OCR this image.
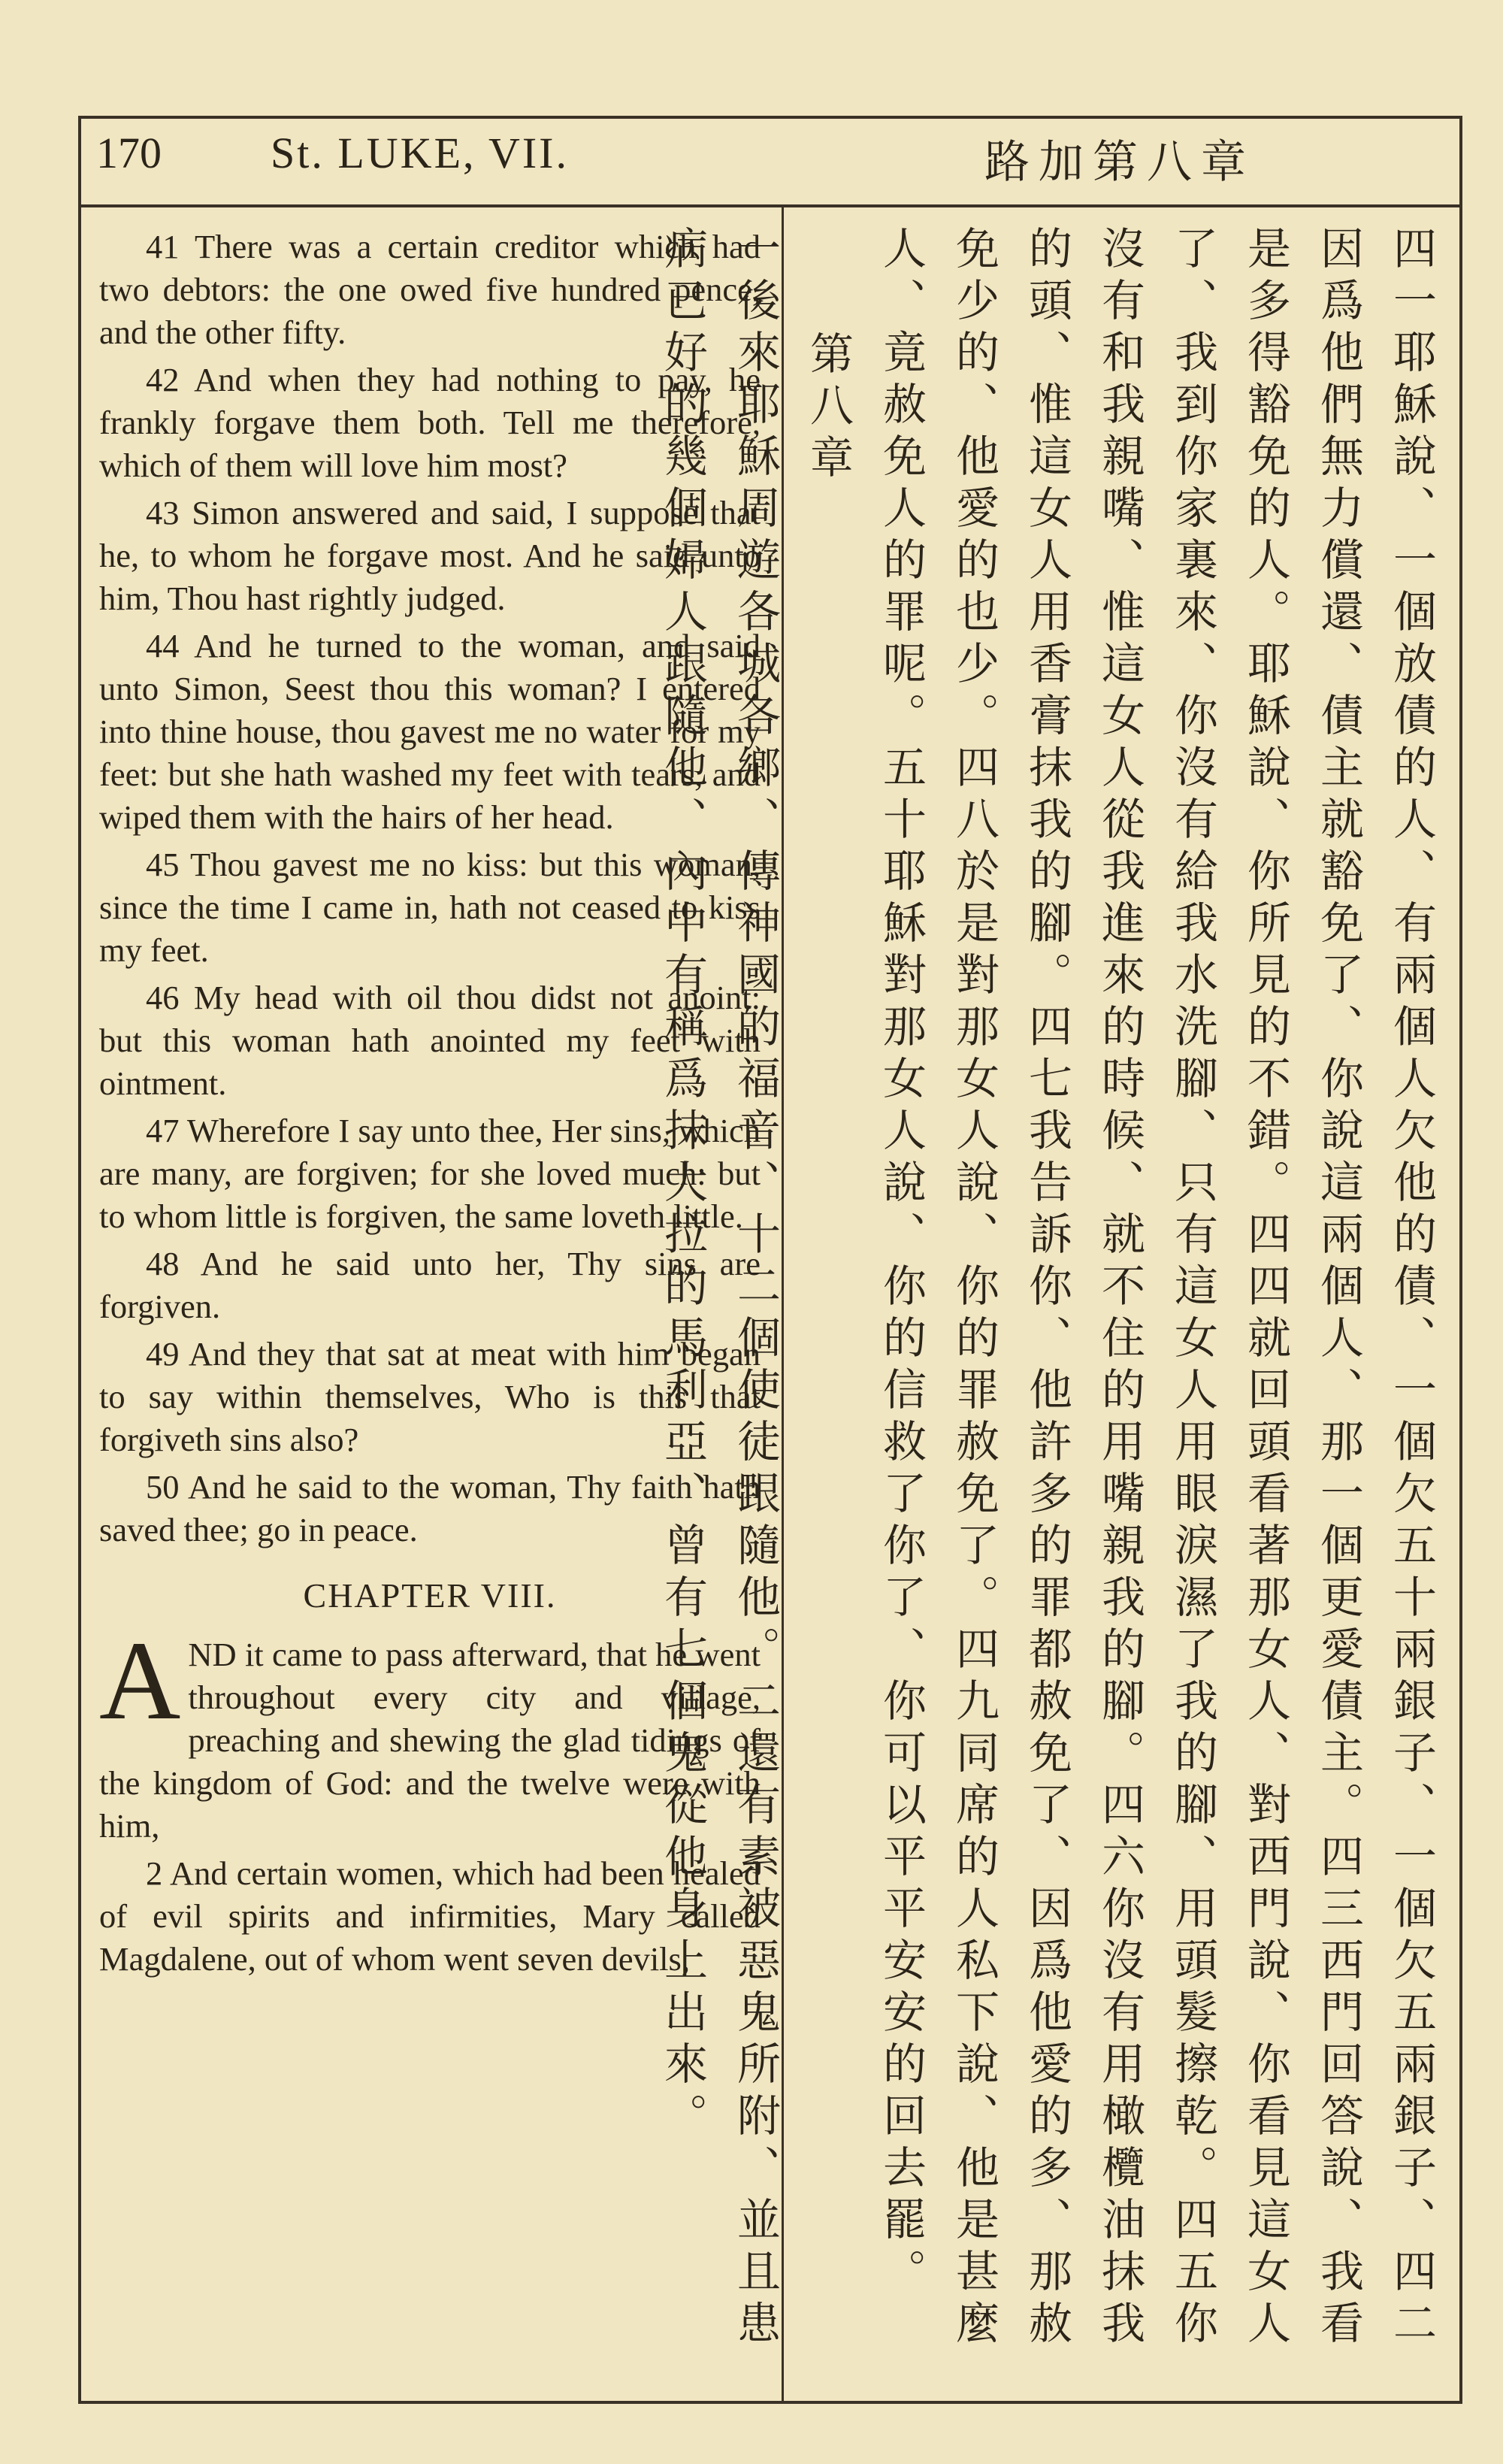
170	St. LUKE, VII.	路加第八章

41 There was a certain creditor which had two debtors: the one owed five hundred pence, and the other fifty.

42 And when they had nothing to pay, he frankly forgave them both. Tell me therefore, which of them will love him most?

43 Simon answered and said, I suppose that he, to whom he forgave most. And he said unto him, Thou hast rightly judged.

44 And he turned to the woman, and said unto Simon, Seest thou this woman? I entered into thine house, thou gavest me no water for my feet: but she hath washed my feet with tears, and wiped them with the hairs of her head.

45 Thou gavest me no kiss: but this woman, since the time I came in, hath not ceased to kiss my feet.

46 My head with oil thou didst not anoint: but this woman hath anointed my feet with ointment.

47 Wherefore I say unto thee, Her sins, which are many, are forgiven; for she loved much: but to whom little is forgiven, the same loveth little.

48 And he said unto her, Thy sins are forgiven.

49 And they that sat at meat with him began to say within themselves, Who is this that forgiveth sins also?

50 And he said to the woman, Thy faith hath saved thee; go in peace.

CHAPTER VIII.

AND it came to pass afterward, that he went throughout every city and village, preaching and shewing the glad tidings of the kingdom of God: and the twelve were with him,

2 And certain women, which had been healed of evil spirits and infirmities, Mary called Magdalene, out of whom went seven devils,	四一耶穌說、一個放債的人、有兩個人欠他的債、一個欠五十兩銀子、一個欠五兩銀子、四二因爲他們無力償還、債主就豁免了、你說這兩個人、那一個更愛債主。四三西門回答說、我看是多得豁免的人。耶穌說、你所見的不錯。四四就回頭看著那女人、對西門說、你看見這女人了、我到你家裏來、你沒有給我水洗腳、只有這女人用眼淚濕了我的腳、用頭髮擦乾。四五你沒有和我親嘴、惟這女人從我進來的時候、就不住的用嘴親我的腳。四六你沒有用橄欖油抹我的頭、惟這女人用香膏抹我的腳。四七我告訴你、他許多的罪都赦免了、因爲他愛的多、那赦免少的、他愛的也少。四八於是對那女人說、你的罪赦免了。四九同席的人私下說、他是甚麼人、竟赦免人的罪呢。五十耶穌對那女人說、你的信救了你了、你可以平平安安的回去罷。

第八章

一後來耶穌周遊各城各鄉、傳神國的福音、十二個使徒跟隨他。二還有素被惡鬼所附、並且患病已好的幾個婦人跟隨他、內中有稱爲抹大拉的馬利亞、曾有七個鬼從他身上出來。
